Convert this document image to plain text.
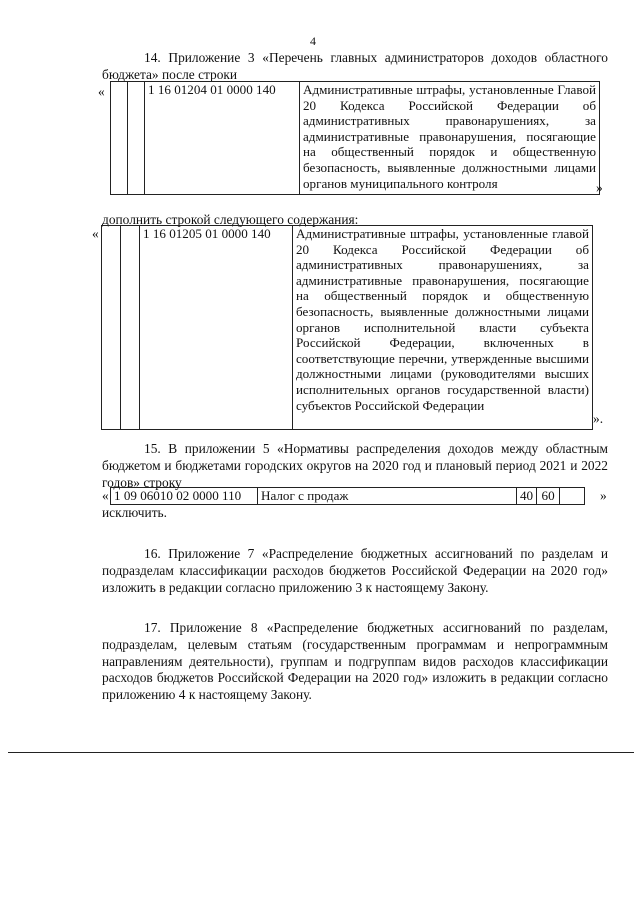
4
14. Приложение 3 «Перечень главных администраторов доходов областного бюджета» после строки
«
			1 16 01204 01 0000 140	Административные штрафы, установленные Главой 20 Кодекса Российской Федерации об административных правонарушениях, за административные правонарушения, посягающие на общественный порядок и общественную безопасность, выявленные должностными лицами органов муниципального контроля	»
дополнить строкой следующего содержания:
«
			1 16 01205 01 0000 140	Административные штрафы, установленные главой 20 Кодекса Российской Федерации об административных правонарушениях, за административные правонарушения, посягающие на общественный порядок и общественную безопасность, выявленные должностными лицами органов исполнительной власти субъекта Российской Федерации, включенных в соответствующие перечни, утвержденные высшими должностными лицами (руководителями высших исполнительных органов государственной власти) субъектов Российской Федерации
».
15. В приложении 5 «Нормативы распределения доходов между областным бюджетом и бюджетами городских округов на 2020 год и плановый период 2021 и 2022 годов» строку
« 1 09 06010 02 0000 110	Налог с продаж	40	60		»
исключить.
16. Приложение 7 «Распределение бюджетных ассигнований по разделам и подразделам классификации расходов бюджетов Российской Федерации на 2020 год» изложить в редакции согласно приложению 3 к настоящему Закону.
17. Приложение 8 «Распределение бюджетных ассигнований по разделам, подразделам, целевым статьям (государственным программам и непрограммным направлениям деятельности), группам и подгруппам видов расходов классификации расходов бюджетов Российской Федерации на 2020 год» изложить в редакции согласно приложению 4 к настоящему Закону.
